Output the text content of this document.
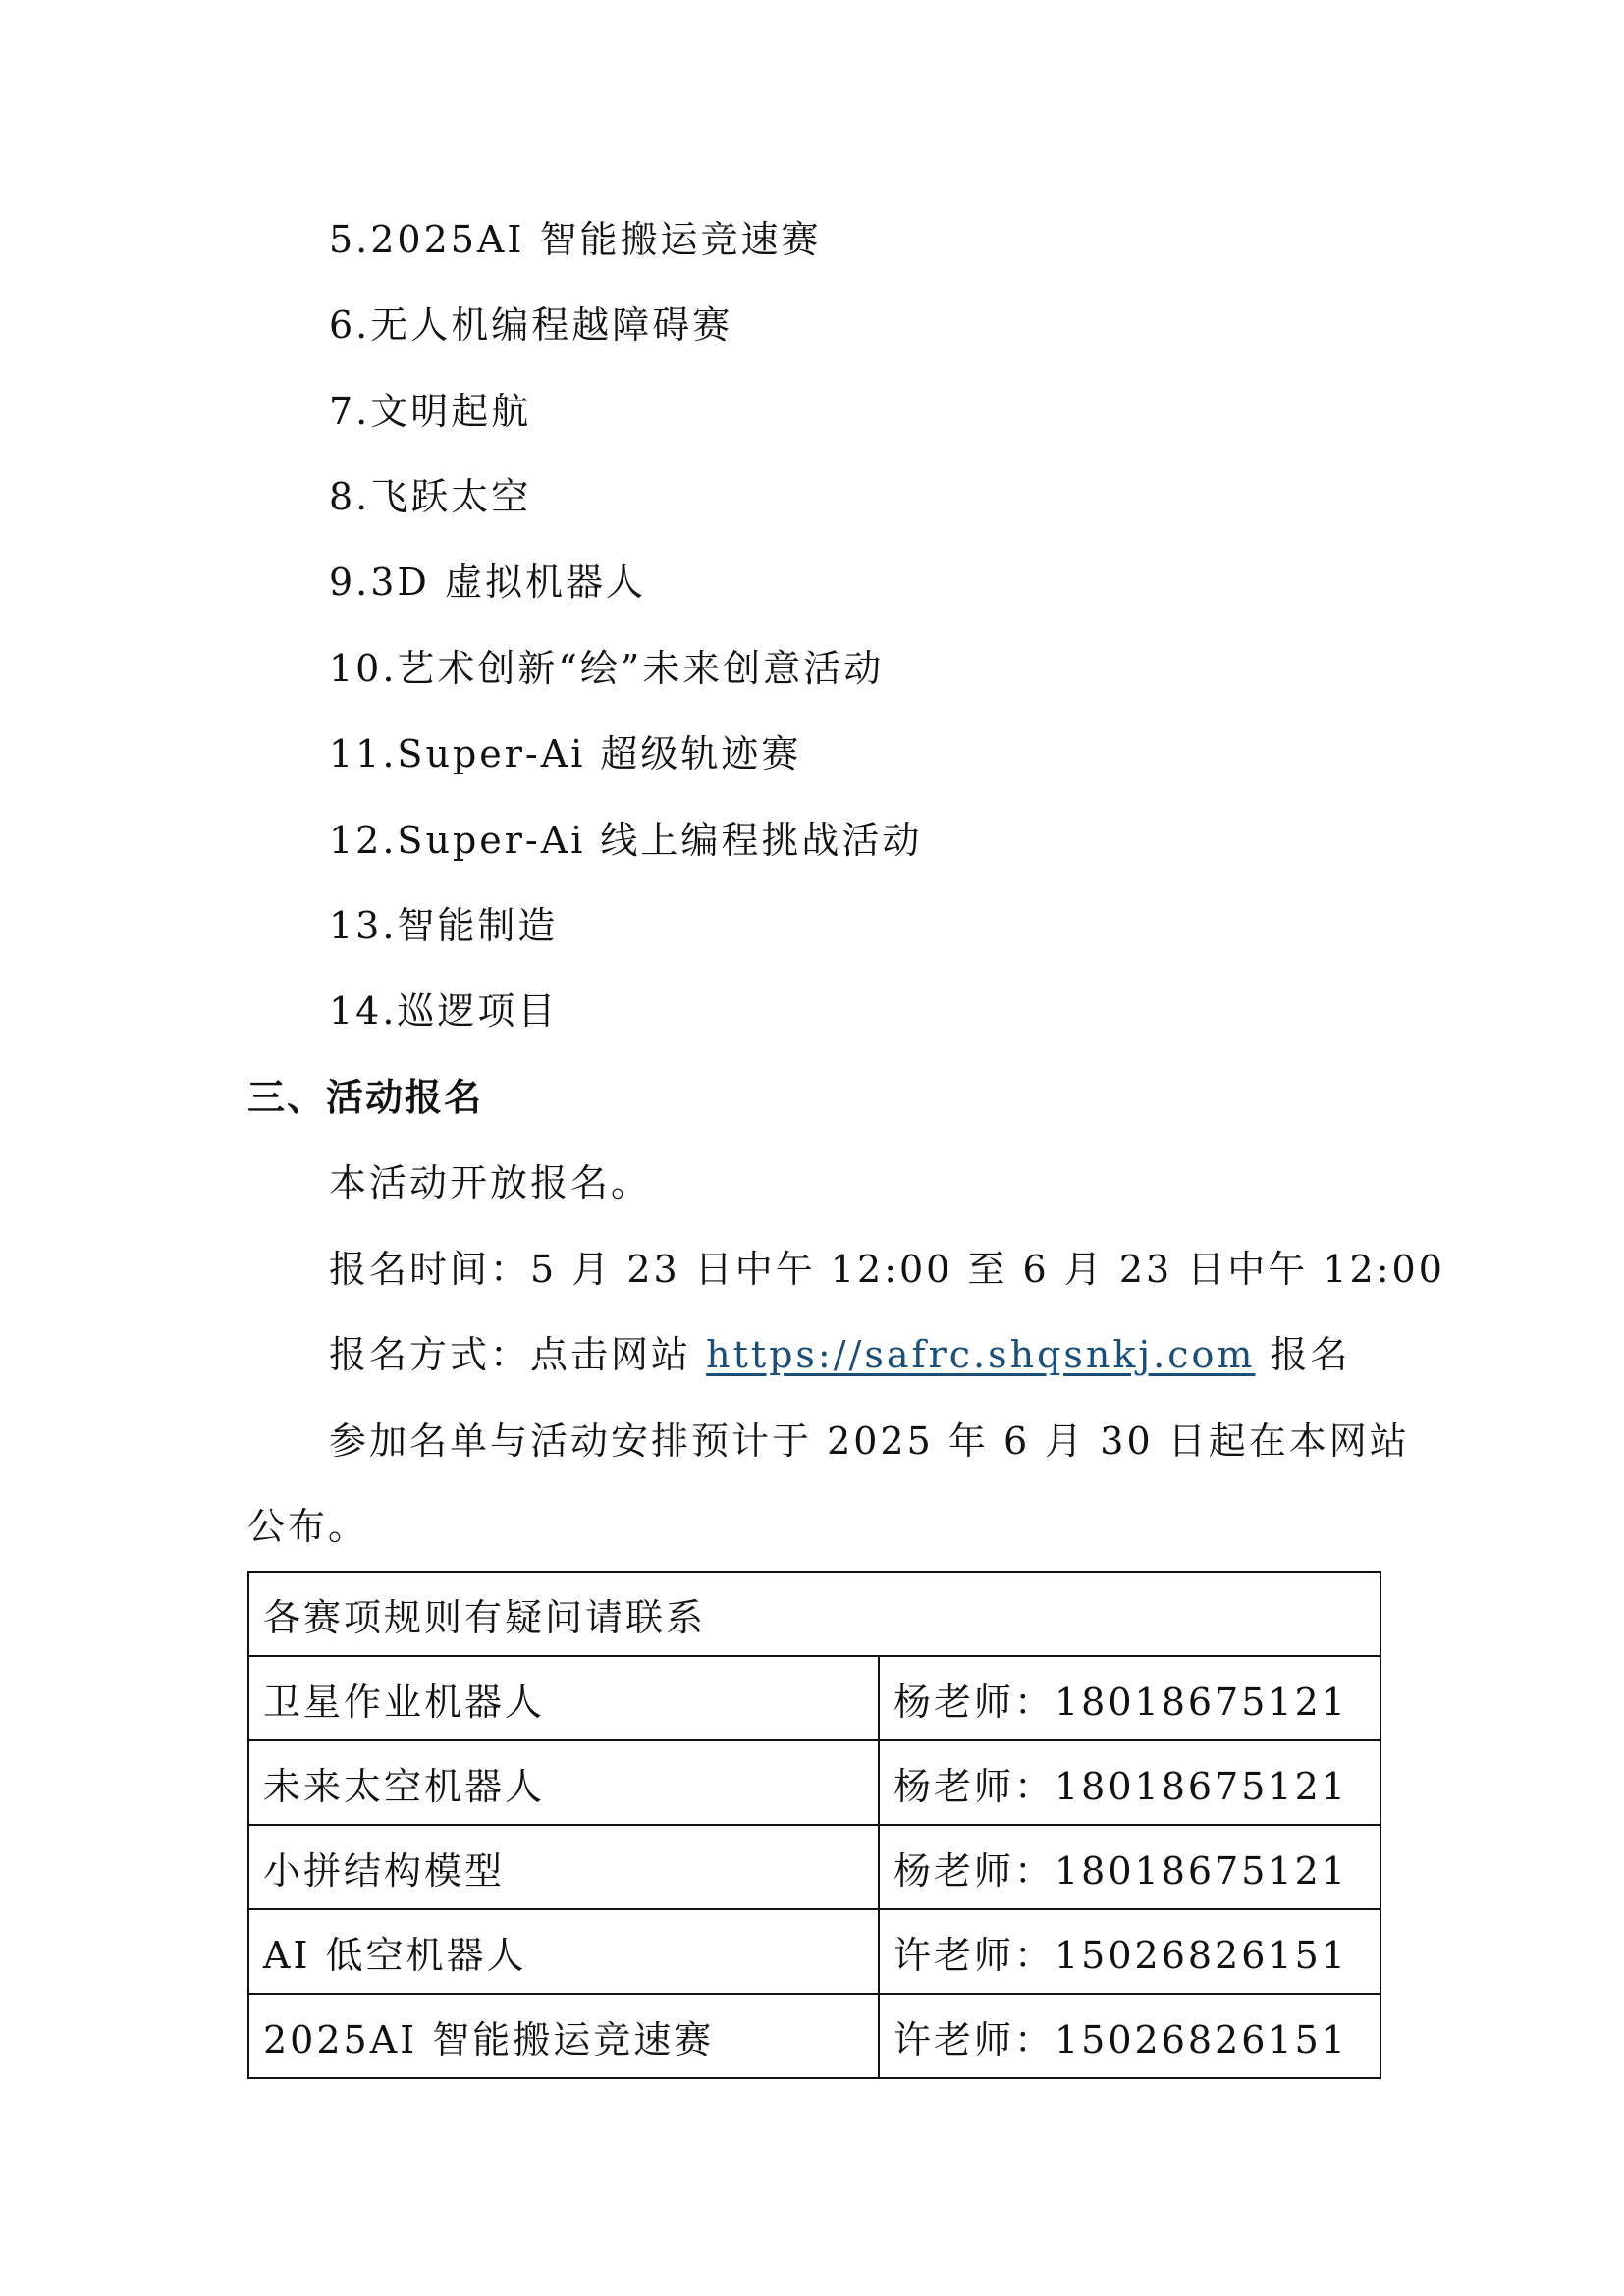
5.2025AI 智能搬运竞速赛
6.无人机编程越障碍赛
7.文明起航
8.飞跃太空
9.3D 虚拟机器人
10.艺术创新“绘”未来创意活动
11.Super-Ai 超级轨迹赛
12.Super-Ai 线上编程挑战活动
13.智能制造
14.巡逻项目
三、活动报名
本活动开放报名。
报名时间：5 月 23 日中午 12:00 至 6 月 23 日中午 12:00
报名方式：点击网站 https://safrc.shqsnkj.com 报名
参加名单与活动安排预计于 2025 年 6 月 30 日起在本网站
公布。
各赛项规则有疑问请联系	
卫星作业机器人	杨老师：18018675121
未来太空机器人	杨老师：18018675121
小拼结构模型	杨老师：18018675121
AI 低空机器人	许老师：15026826151
2025AI 智能搬运竞速赛	许老师：15026826151
